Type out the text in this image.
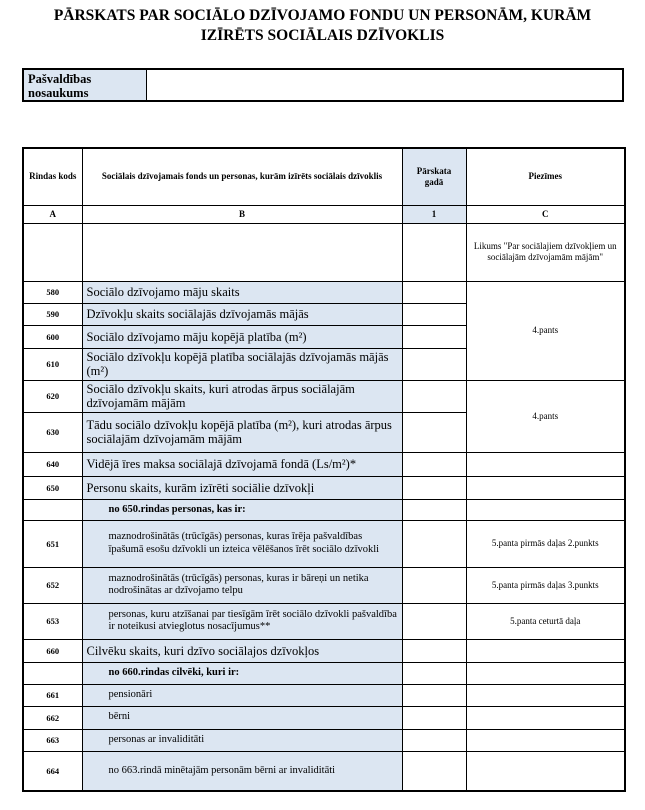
PĀRSKATS PAR SOCIĀLO DZĪVOJAMO FONDU UN PERSONĀM, KURĀM
IZĪRĒTS SOCIĀLAIS DZĪVOKLIS
Pašvaldības nosaukums
Rindas kods	Sociālais dzīvojamais fonds un personas, kurām izīrēts sociālais dzīvoklis	Pārskata gadā	Piezīmes
A	B	1	C
			Likums "Par sociālajiem dzīvokļiem un sociālajām dzīvojamām mājām"
580	Sociālo dzīvojamo māju skaits		4.pants
590	Dzīvokļu skaits sociālajās dzīvojamās mājās		
600	Sociālo dzīvojamo māju kopējā platība (m²)		
610	Sociālo dzīvokļu kopējā platība sociālajās dzīvojamās mājās (m²)		
620	Sociālo dzīvokļu skaits, kuri atrodas ārpus sociālajām dzīvojamām mājām		4.pants
630	Tādu sociālo dzīvokļu kopējā platība (m²), kuri atrodas ārpus sociālajām dzīvojamām mājām		
640	Vidējā īres maksa sociālajā dzīvojamā fondā (Ls/m²)*		
650	Personu skaits, kurām izīrēti sociālie dzīvokļi		
	no 650.rindas personas, kas ir:		
651	maznodrošinātās (trūcīgās) personas, kuras īrēja pašvaldības īpašumā esošu dzīvokli un izteica vēlēšanos īrēt sociālo dzīvokli		5.panta pirmās daļas 2.punkts
652	maznodrošinātās (trūcīgās) personas, kuras ir bāreņi un netika nodrošinātas ar dzīvojamo telpu		5.panta pirmās daļas 3.punkts
653	personas, kuru atzīšanai par tiesīgām īrēt sociālo dzīvokli pašvaldība ir noteikusi atvieglotus nosacījumus**		5.panta ceturtā daļa
660	Cilvēku skaits, kuri dzīvo sociālajos dzīvokļos		
	no 660.rindas cilvēki, kuri ir:		
661	pensionāri		
662	bērni		
663	personas ar invaliditāti		
664	no 663.rindā minētajām personām bērni ar invaliditāti		
